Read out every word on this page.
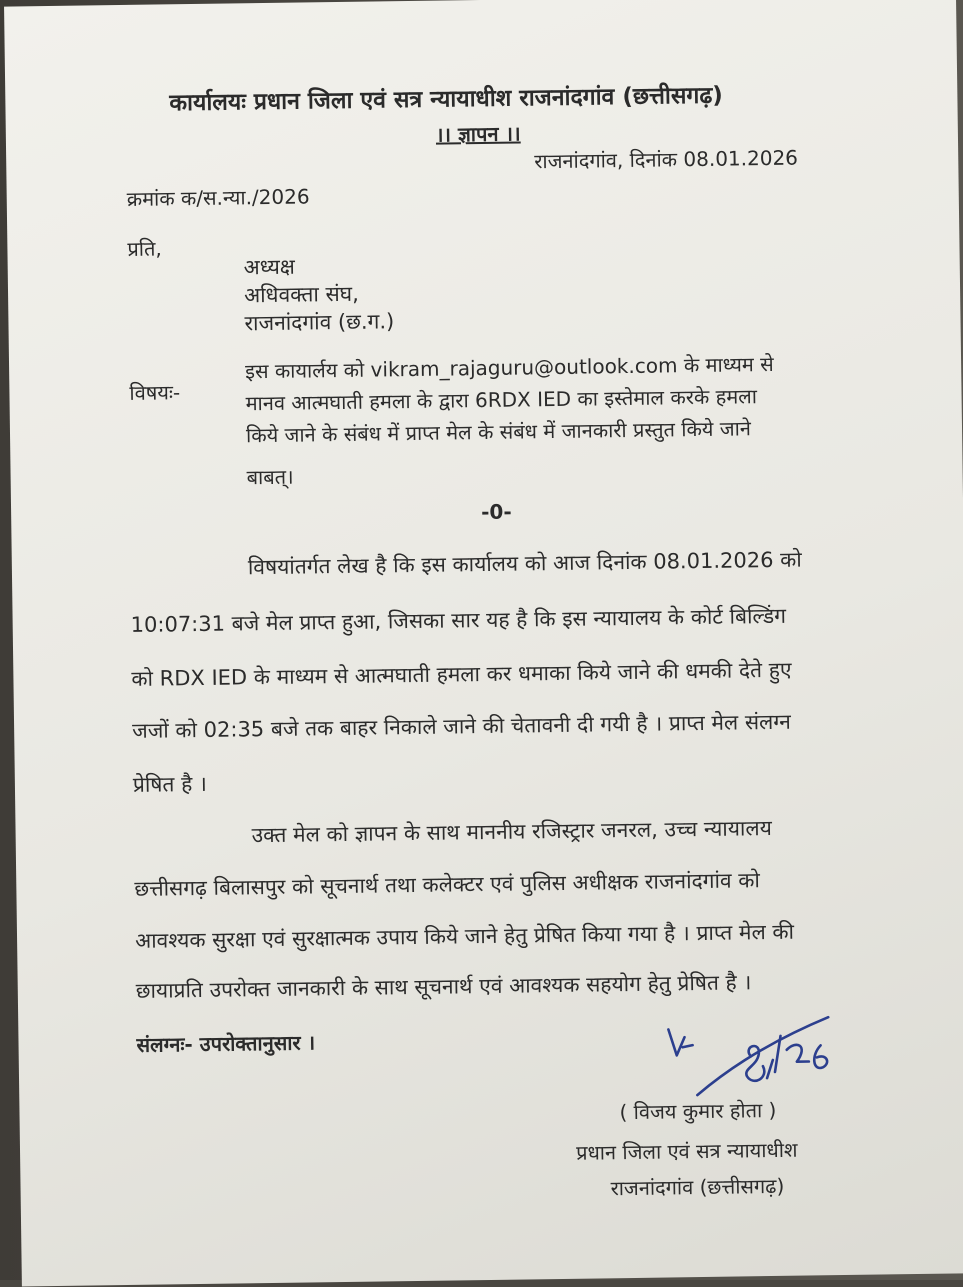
कार्यालयः प्रधान जिला एवं सत्र न्यायाधीश राजनांदगांव (छत्तीसगढ़)
।। ज्ञापन ।।
राजनांदगांव, दिनांक 08.01.2026
क्रमांक क/स.न्या./2026
प्रति,
अध्यक्ष
अधिवक्ता संघ,
राजनांदगांव (छ.ग.)
विषयः-
इस कायार्लय को vikram_rajaguru@outlook.com के माध्यम से
मानव आत्मघाती हमला के द्वारा 6RDX IED का इस्तेमाल करके हमला
किये जाने के संबंध में प्राप्त मेल के संबंध में जानकारी प्रस्तुत किये जाने
बाबत्।
-0-
विषयांतर्गत लेख है कि इस कार्यालय को आज दिनांक 08.01.2026 को
10:07:31 बजे मेल प्राप्त हुआ, जिसका सार यह है कि इस न्यायालय के कोर्ट बिल्डिंग
को RDX IED के माध्यम से आत्मघाती हमला कर धमाका किये जाने की धमकी देते हुए
जजों को 02:35 बजे तक बाहर निकाले जाने की चेतावनी दी गयी है । प्राप्त मेल संलग्न
प्रेषित है ।
उक्त मेल को ज्ञापन के साथ माननीय रजिस्ट्रार जनरल, उच्च न्यायालय
छत्तीसगढ़ बिलासपुर को सूचनार्थ तथा कलेक्टर एवं पुलिस अधीक्षक राजनांदगांव को
आवश्यक सुरक्षा एवं सुरक्षात्मक उपाय किये जाने हेतु प्रेषित किया गया है । प्राप्त मेल की
छायाप्रति उपरोक्त जानकारी के साथ सूचनार्थ एवं आवश्यक सहयोग हेतु प्रेषित है ।
संलग्नः- उपरोक्तानुसार ।
( विजय कुमार होता )
प्रधान जिला एवं सत्र न्यायाधीश
राजनांदगांव (छत्तीसगढ़)
